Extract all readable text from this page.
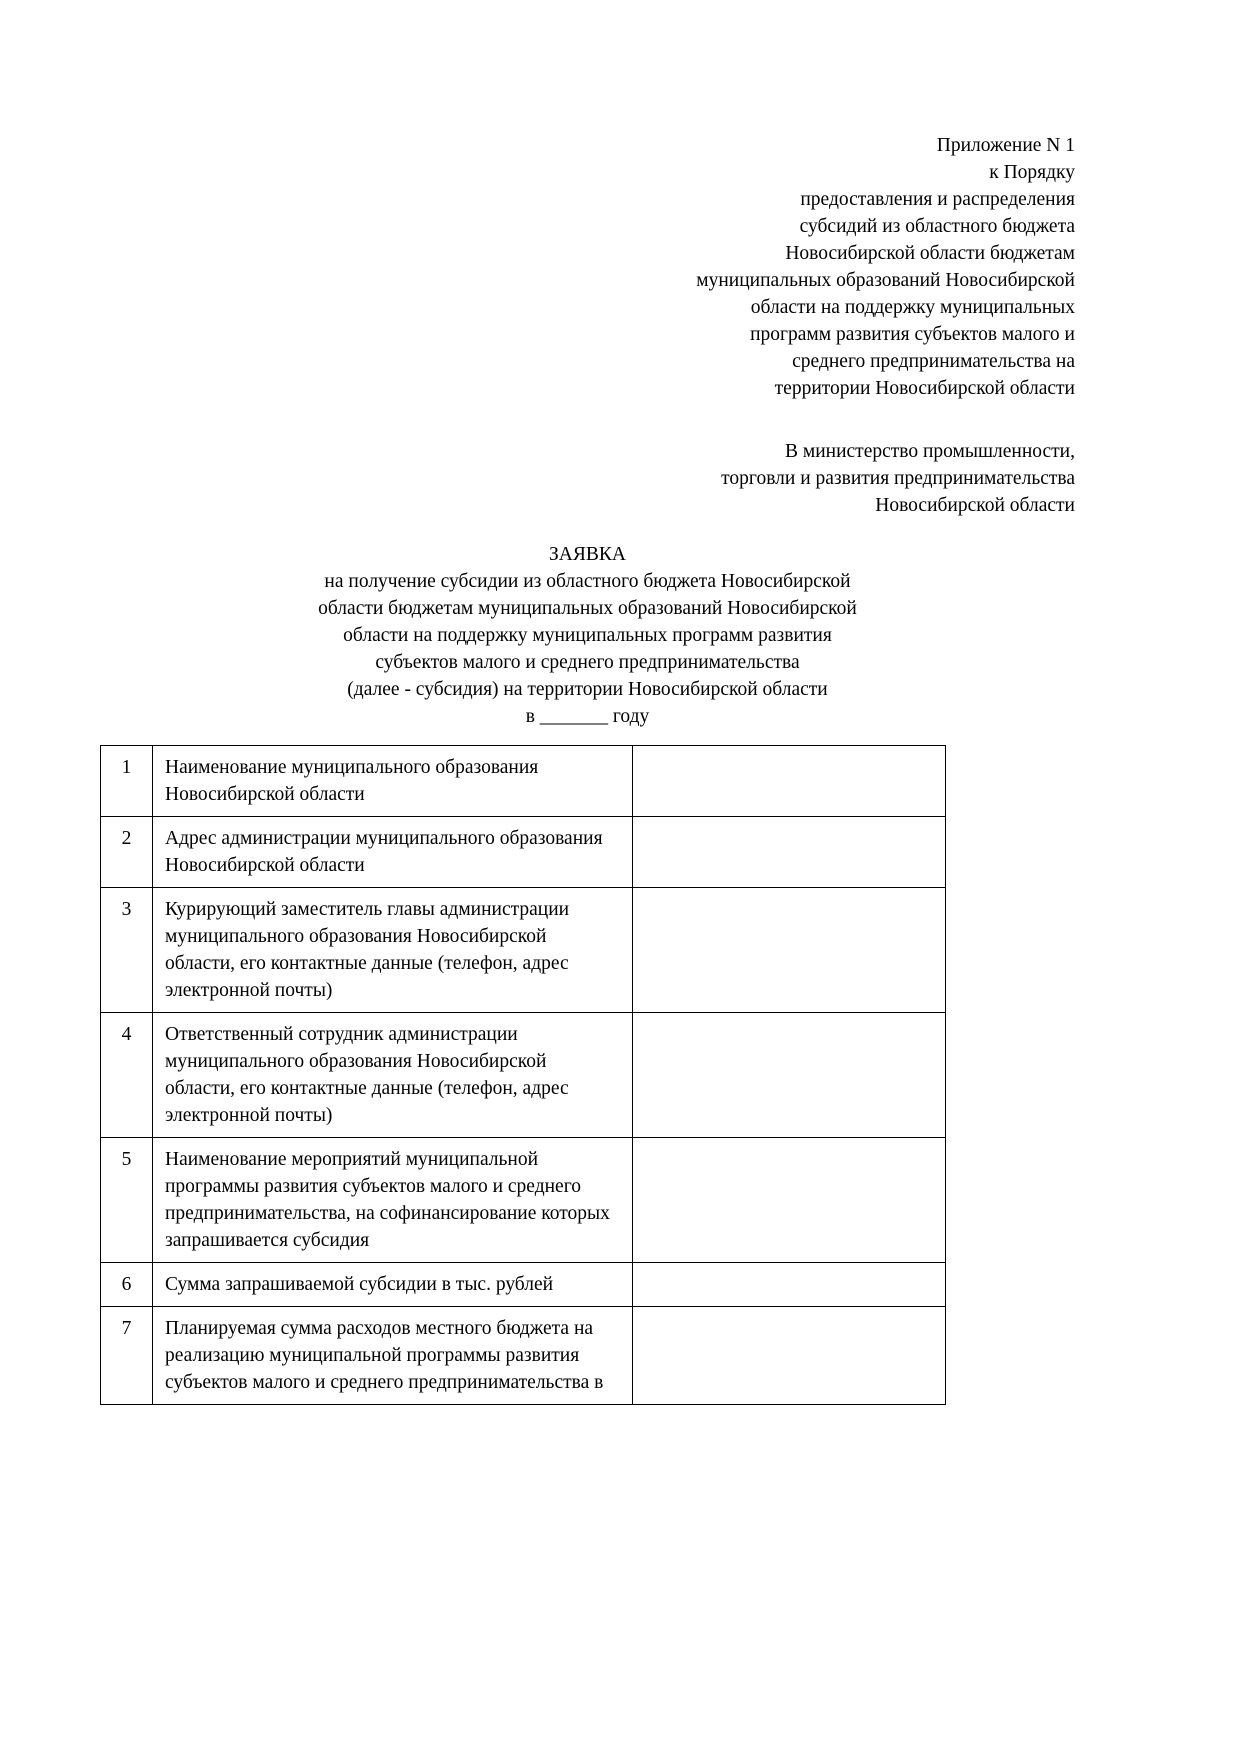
Приложение N 1
к Порядку
предоставления и распределения
субсидий из областного бюджета
Новосибирской области бюджетам
муниципальных образований Новосибирской
области на поддержку муниципальных
программ развития субъектов малого и
среднего предпринимательства на
территории Новосибирской области
В министерство промышленности,
торговли и развития предпринимательства
Новосибирской области
ЗАЯВКА
на получение субсидии из областного бюджета Новосибирской
области бюджетам муниципальных образований Новосибирской
области на поддержку муниципальных программ развития
субъектов малого и среднего предпринимательства
(далее - субсидия) на территории Новосибирской области
в _______ году
1	Наименование муниципального образования Новосибирской области	
2	Адрес администрации муниципального образования Новосибирской области	
3	Курирующий заместитель главы администрации муниципального образования Новосибирской области, его контактные данные (телефон, адрес электронной почты)	
4	Ответственный сотрудник администрации муниципального образования Новосибирской области, его контактные данные (телефон, адрес электронной почты)	
5	Наименование мероприятий муниципальной программы развития субъектов малого и среднего предпринимательства, на софинансирование которых запрашивается субсидия	
6	Сумма запрашиваемой субсидии в тыс. рублей	
7	Планируемая сумма расходов местного бюджета на реализацию муниципальной программы развития субъектов малого и среднего предпринимательства в	
